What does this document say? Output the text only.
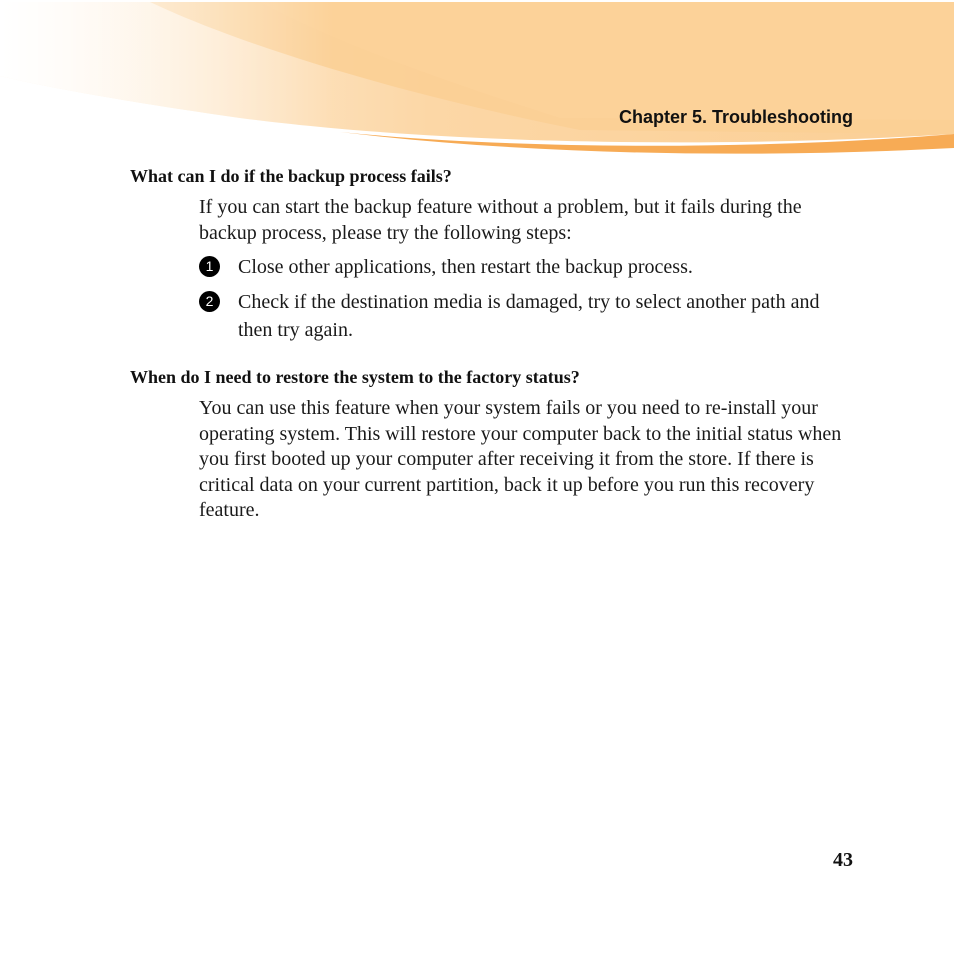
Chapter 5. Troubleshooting
What can I do if the backup process fails?
If you can start the backup feature without a problem, but it fails during the backup process, please try the following steps:
1	Close other applications, then restart the backup process.
2	Check if the destination media is damaged, try to select another path and then try again.
When do I need to restore the system to the factory status?
You can use this feature when your system fails or you need to re-install your operating system. This will restore your computer back to the initial status when you first booted up your computer after receiving it from the store. If there is critical data on your current partition, back it up before you run this recovery feature.
43
